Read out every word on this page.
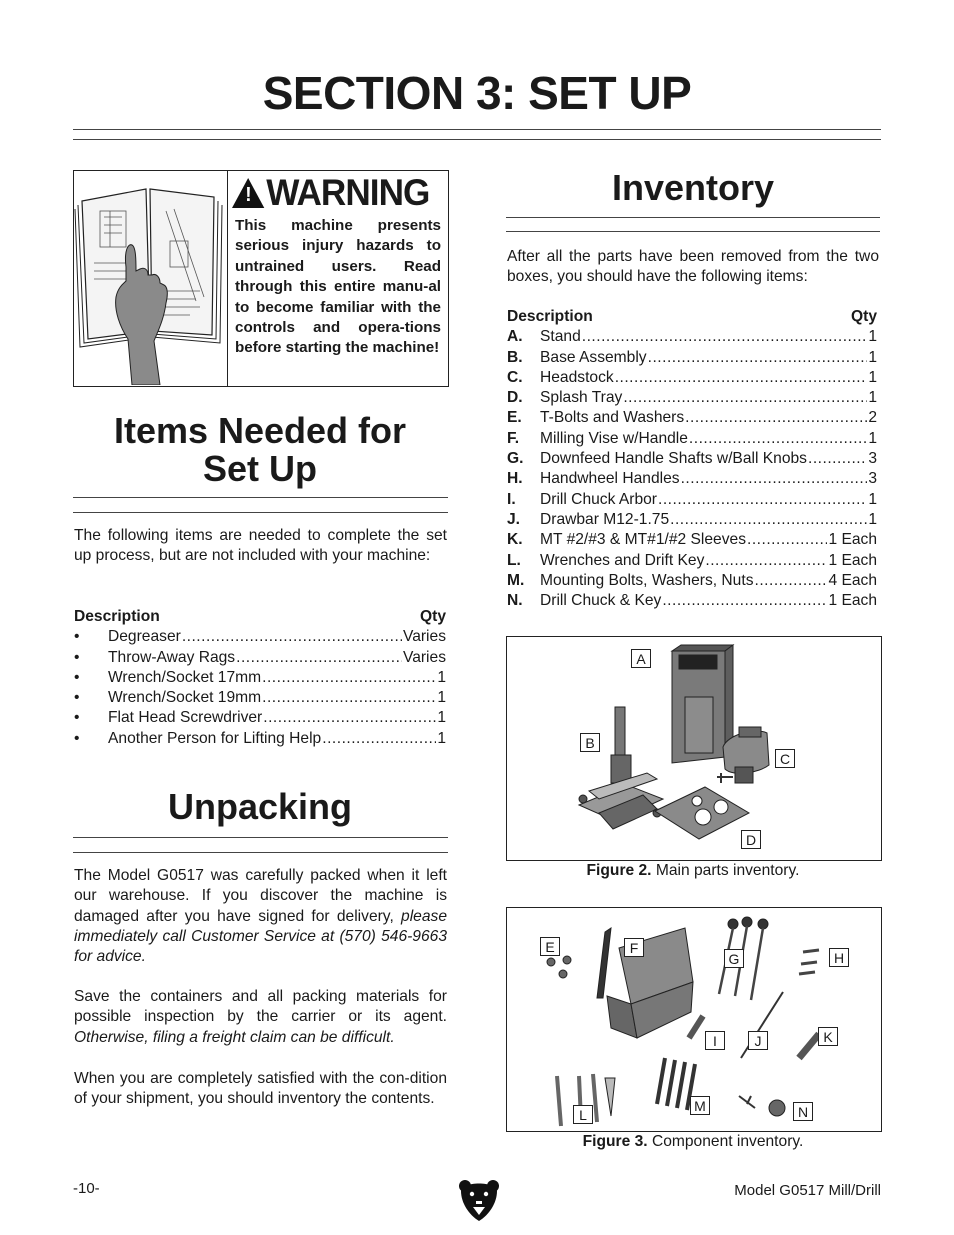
SECTION 3: SET UP
! WARNING
This machine presents serious injury hazards to untrained users. Read through this entire manu-al to become familiar with the controls and opera-tions before starting the machine!
Items Needed for
Set Up
The following items are needed to complete the set up process, but are not included with your machine:
Description	Qty
•	Degreaser .....	Varies
•	Throw-Away Rags .....	Varies
•	Wrench/Socket 17mm .....	1
•	Wrench/Socket 19mm .....	1
•	Flat Head Screwdriver .....	1
•	Another Person for Lifting Help .....	1
Unpacking
The Model G0517 was carefully packed when it left our warehouse. If you discover the machine is damaged after you have signed for delivery, please immediately call Customer Service at (570) 546-9663 for advice.
Save the containers and all packing materials for possible inspection by the carrier or its agent. Otherwise, filing a freight claim can be difficult.
When you are completely satisfied with the con-dition of your shipment, you should inventory the contents.
Inventory
After all the parts have been removed from the two boxes, you should have the following items:
Description	Qty
A.	Stand .....	1
B.	Base Assembly .....	1
C.	Headstock .....	1
D.	Splash Tray .....	1
E.	T-Bolts and Washers .....	2
F.	Milling Vise w/Handle .....	1
G.	Downfeed Handle Shafts w/Ball Knobs .....	3
H.	Handwheel Handles .....	3
I.	Drill Chuck Arbor .....	1
J.	Drawbar M12-1.75 .....	1
K.	MT #2/#3 & MT#1/#2 Sleeves .....	1 Each
L.	Wrenches and Drift Key .....	1 Each
M.	Mounting Bolts, Washers, Nuts .....	4 Each
N.	Drill Chuck & Key .....	1 Each
A
B
C
D
Figure 2. Main parts inventory.
E	F
G	H
I	J	K
L
M	N
Figure 3. Component inventory.
-10-	Model G0517 Mill/Drill
